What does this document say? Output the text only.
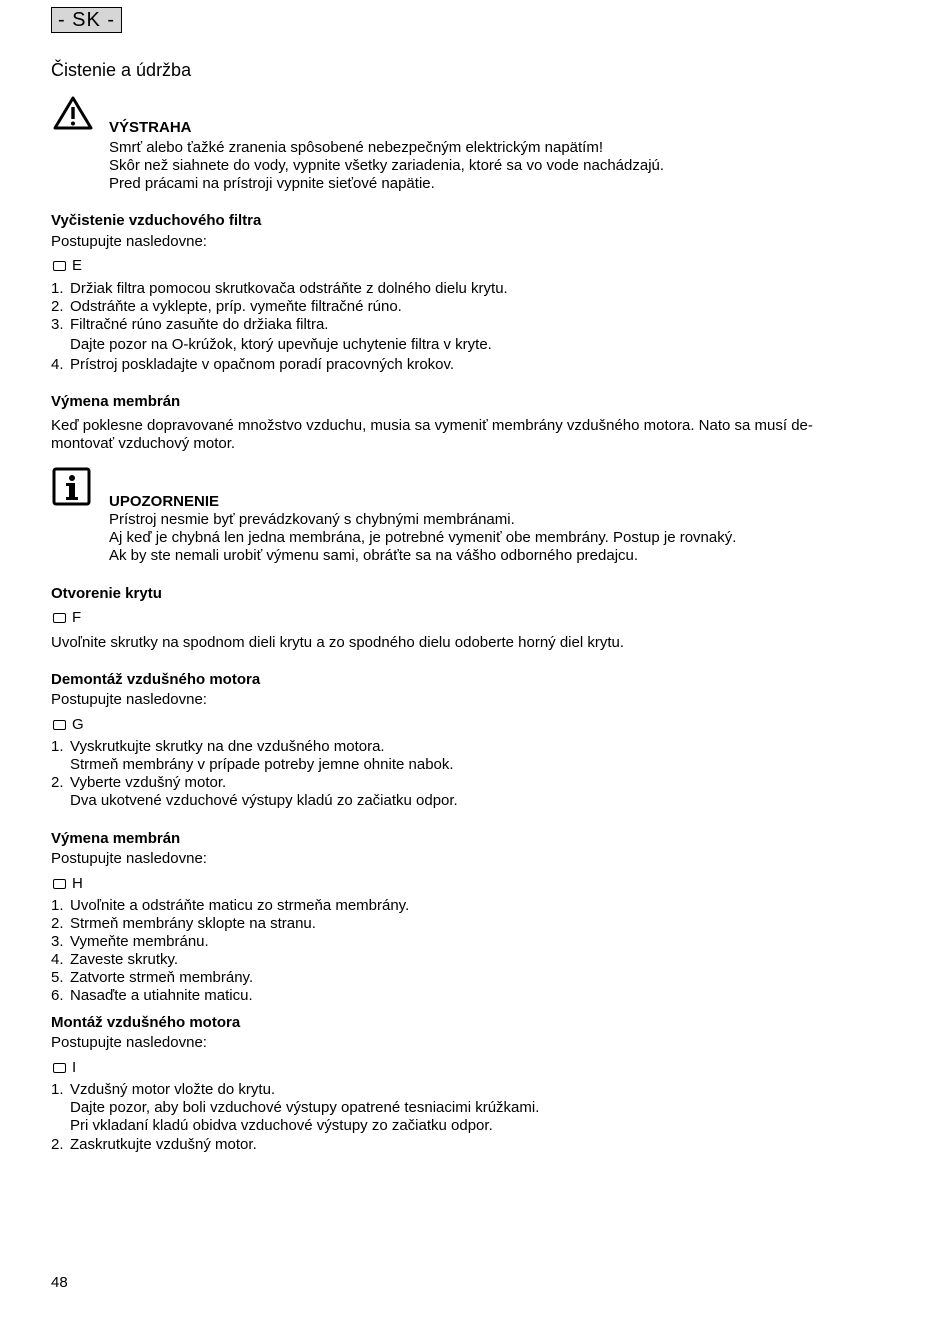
- SK -
Čistenie a údržba
VÝSTRAHA
Smrť alebo ťažké zranenia spôsobené nebezpečným elektrickým napätím!
Skôr než siahnete do vody, vypnite všetky zariadenia, ktoré sa vo vode nachádzajú.
Pred prácami na prístroji vypnite sieťové napätie.
Vyčistenie vzduchového filtra
Postupujte nasledovne:
E
1. Držiak filtra pomocou skrutkovača odstráňte z dolného dielu krytu.
2. Odstráňte a vyklepte, príp. vymeňte filtračné rúno.
3. Filtračné rúno zasuňte do držiaka filtra.
Dajte pozor na O-krúžok, ktorý upevňuje uchytenie filtra v kryte.
4. Prístroj poskladajte v opačnom poradí pracovných krokov.
Výmena membrán
Keď poklesne dopravované množstvo vzduchu, musia sa vymeniť membrány vzdušného motora. Nato sa musí de-
montovať vzduchový motor.
UPOZORNENIE
Prístroj nesmie byť prevádzkovaný s chybnými membránami.
Aj keď je chybná len jedna membrána, je potrebné vymeniť obe membrány. Postup je rovnaký.
Ak by ste nemali urobiť výmenu sami, obráťte sa na vášho odborného predajcu.
Otvorenie krytu
F
Uvoľnite skrutky na spodnom dieli krytu a zo spodného dielu odoberte horný diel krytu.
Demontáž vzdušného motora
Postupujte nasledovne:
G
1. Vyskrutkujte skrutky na dne vzdušného motora.
Strmeň membrány v prípade potreby jemne ohnite nabok.
2. Vyberte vzdušný motor.
Dva ukotvené vzduchové výstupy kladú zo začiatku odpor.
Výmena membrán
Postupujte nasledovne:
H
1. Uvoľnite a odstráňte maticu zo strmeňa membrány.
2. Strmeň membrány sklopte na stranu.
3. Vymeňte membránu.
4. Zaveste skrutky.
5. Zatvorte strmeň membrány.
6. Nasaďte a utiahnite maticu.
Montáž vzdušného motora
Postupujte nasledovne:
I
1. Vzdušný motor vložte do krytu.
Dajte pozor, aby boli vzduchové výstupy opatrené tesniacimi krúžkami.
Pri vkladaní kladú obidva vzduchové výstupy zo začiatku odpor.
2. Zaskrutkujte vzdušný motor.
48
